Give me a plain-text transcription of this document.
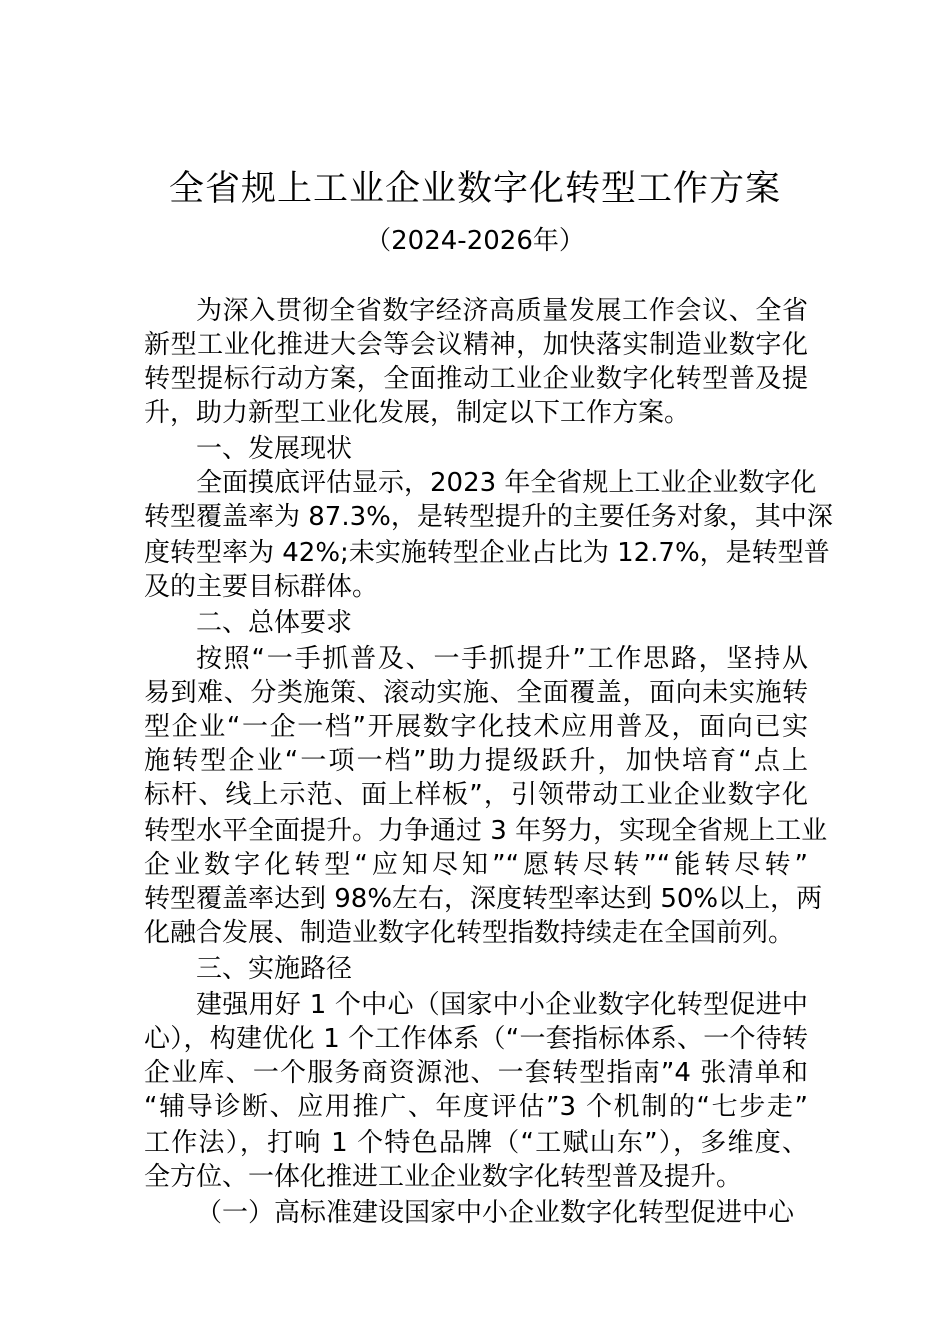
全省规上工业企业数字化转型工作方案
（2024-2026年）
为深入贯彻全省数字经济高质量发展工作会议、全省
新型工业化推进大会等会议精神，加快落实制造业数字化
转型提标行动方案，全面推动工业企业数字化转型普及提
升，助力新型工业化发展，制定以下工作方案。
一、发展现状
全面摸底评估显示，2023 年全省规上工业企业数字化
转型覆盖率为 87.3%，是转型提升的主要任务对象，其中深
度转型率为 42%;未实施转型企业占比为 12.7%，是转型普
及的主要目标群体。
二、总体要求
按照“一手抓普及、一手抓提升”工作思路，坚持从
易到难、分类施策、滚动实施、全面覆盖，面向未实施转
型企业“一企一档”开展数字化技术应用普及，面向已实
施转型企业“一项一档”助力提级跃升，加快培育“点上
标杆、线上示范、面上样板”，引领带动工业企业数字化
转型水平全面提升。力争通过 3 年努力，实现全省规上工业
企业数字化转型“应知尽知”“愿转尽转”“能转尽转”
转型覆盖率达到 98%左右，深度转型率达到 50%以上，两
化融合发展、制造业数字化转型指数持续走在全国前列。
三、实施路径
建强用好 1 个中心（国家中小企业数字化转型促进中
心），构建优化 1 个工作体系（“一套指标体系、一个待转
企业库、一个服务商资源池、一套转型指南”4 张清单和
“辅导诊断、应用推广、年度评估”3 个机制的“七步走”
工作法），打响 1 个特色品牌（“工赋山东”），多维度、
全方位、一体化推进工业企业数字化转型普及提升。
（一）高标准建设国家中小企业数字化转型促进中心
